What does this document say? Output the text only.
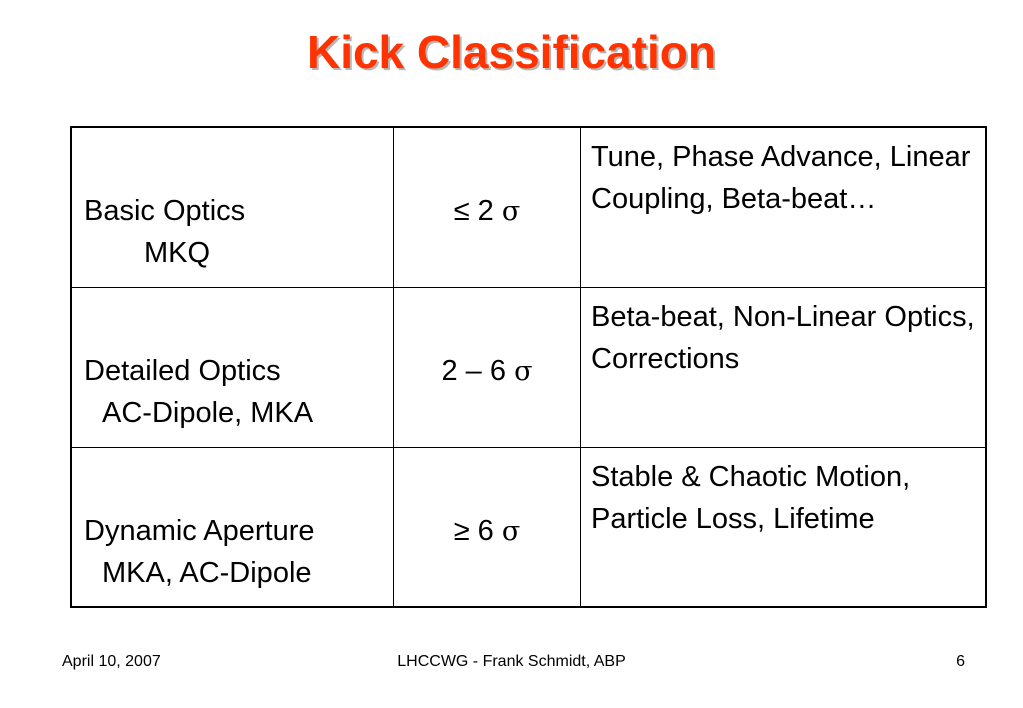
Kick Classification
Basic Optics
MKQ	≤ 2 σ	Tune, Phase Advance, Linear Coupling, Beta-beat…

Detailed Optics
AC-Dipole, MKA	2 – 6 σ	Beta-beat, Non-Linear Optics, Corrections

Dynamic Aperture
MKA, AC-Dipole	≥ 6 σ	Stable & Chaotic Motion, Particle Loss, Lifetime
April 10, 2007	LHCCWG - Frank Schmidt, ABP	6
